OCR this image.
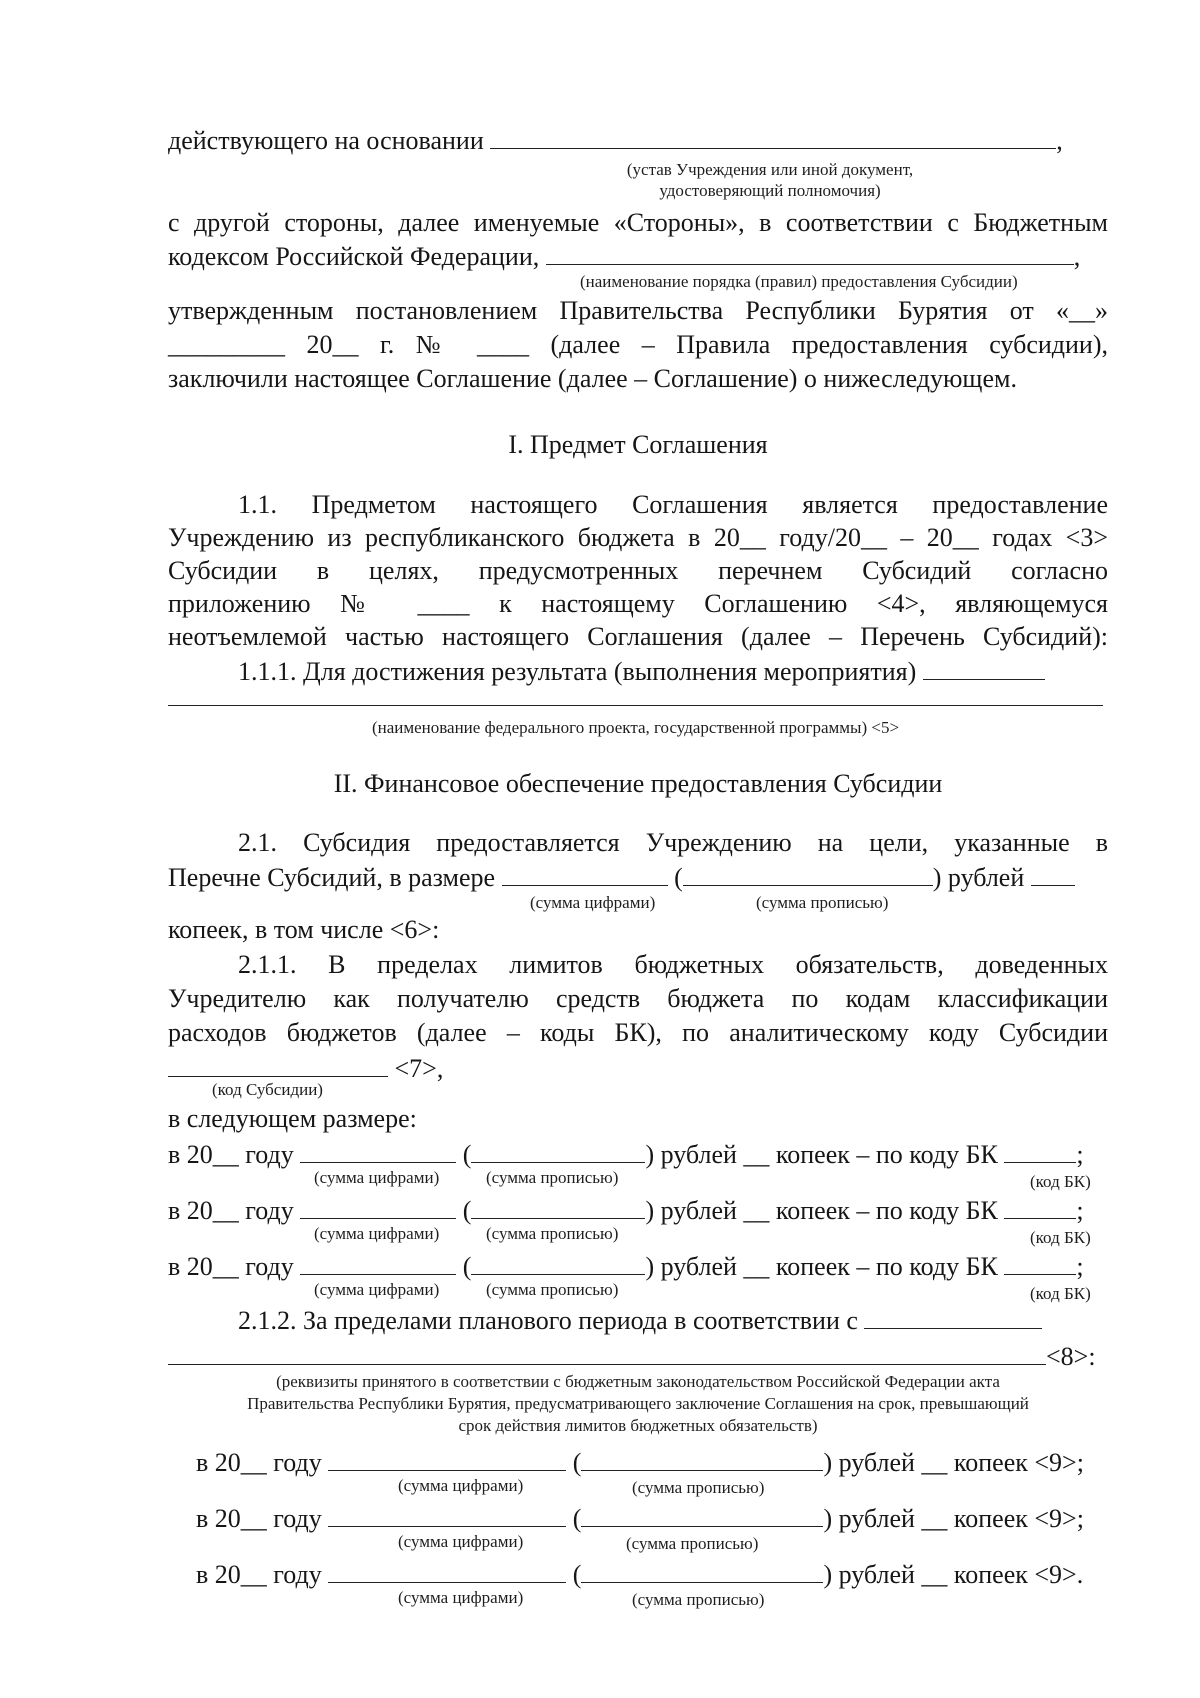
действующего на основании	,
(устав Учреждения или иной документ,
удостоверяющий полномочия)
с другой стороны, далее именуемые «Стороны», в соответствии с Бюджетным
кодексом Российской Федерации,	,
(наименование порядка (правил) предоставления Субсидии)
утвержденным постановлением Правительства Республики Бурятия от «__»
_________ 20__ г. № ____ (далее – Правила предоставления субсидии),
заключили настоящее Соглашение (далее – Соглашение) о нижеследующем.
I. Предмет Соглашения
1.1. Предметом настоящего Соглашения является предоставление
Учреждению из республиканского бюджета в 20__ году/20__ – 20__ годах <3>
Субсидии в целях, предусмотренных перечнем Субсидий согласно
приложению № ____ к настоящему Соглашению <4>, являющемуся
неотъемлемой частью настоящего Соглашения (далее – Перечень Субсидий):
1.1.1. Для достижения результата (выполнения мероприятия)
(наименование федерального проекта, государственной программы) <5>
II. Финансовое обеспечение предоставления Субсидии
2.1. Субсидия предоставляется Учреждению на цели, указанные в
Перечне Субсидий, в размере	(	) рублей
(сумма цифрами)	(сумма прописью)
копеек, в том числе <6>:
2.1.1. В пределах лимитов бюджетных обязательств, доведенных
Учредителю как получателю средств бюджета по кодам классификации
расходов бюджетов (далее – коды БК), по аналитическому коду Субсидии
<7>,
(код Субсидии)
в следующем размере:
в 20__ году	(	) рублей __ копеек – по коду БК	;
(сумма цифрами)	(сумма прописью)	(код БК)
в 20__ году	(	) рублей __ копеек – по коду БК	;
(сумма цифрами)	(сумма прописью)	(код БК)
в 20__ году	(	) рублей __ копеек – по коду БК	;
(сумма цифрами)	(сумма прописью)	(код БК)
2.1.2. За пределами планового периода в соответствии с
<8>:
(реквизиты принятого в соответствии с бюджетным законодательством Российской Федерации акта
Правительства Республики Бурятия, предусматривающего заключение Соглашения на срок, превышающий
срок действия лимитов бюджетных обязательств)
в 20__ году	(	) рублей __ копеек <9>;
(сумма цифрами)	(сумма прописью)
в 20__ году	(	) рублей __ копеек <9>;
(сумма цифрами)	(сумма прописью)
в 20__ году	(	) рублей __ копеек <9>.
(сумма цифрами)	(сумма прописью)
